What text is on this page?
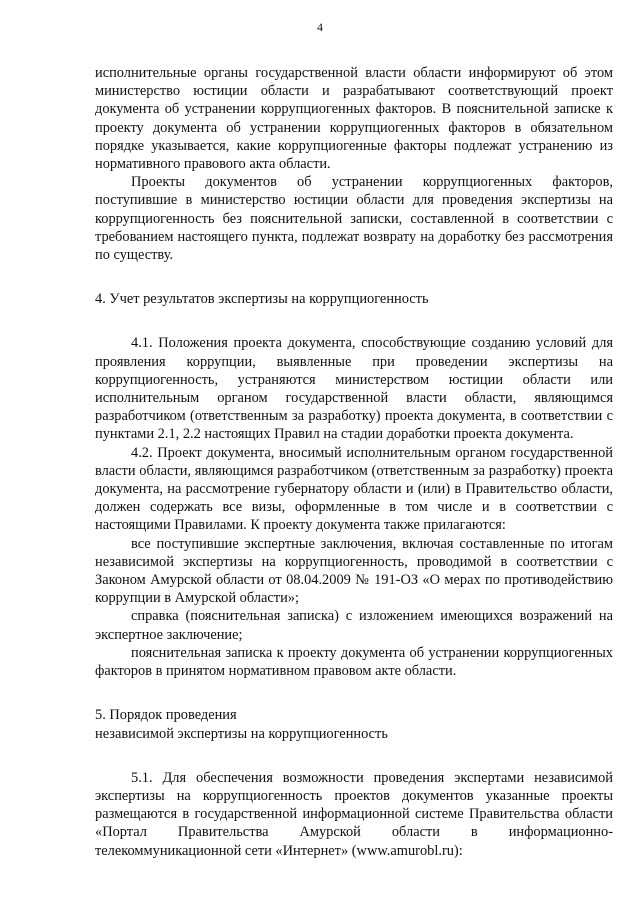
4

исполнительные органы государственной власти области информируют об этом министерство юстиции области и разрабатывают соответствующий проект документа об устранении коррупциогенных факторов. В пояснительной записке к проекту документа об устранении коррупциогенных факторов в обязательном порядке указывается, какие коррупциогенные факторы подлежат устранению из нормативного правового акта области.

Проекты документов об устранении коррупциогенных факторов, поступившие в министерство юстиции области для проведения экспертизы на коррупциогенность без пояснительной записки, составленной в соответствии с требованием настоящего пункта, подлежат возврату на доработку без рассмотрения по существу.

4. Учет результатов экспертизы на коррупциогенность

4.1. Положения проекта документа, способствующие созданию условий для проявления коррупции, выявленные при проведении экспертизы на коррупциогенность, устраняются министерством юстиции области или исполнительным органом государственной власти области, являющимся разработчиком (ответственным за разработку) проекта документа, в соответствии с пунктами 2.1, 2.2 настоящих Правил на стадии доработки проекта документа.

4.2. Проект документа, вносимый исполнительным органом государственной власти области, являющимся разработчиком (ответственным за разработку) проекта документа, на рассмотрение губернатору области и (или) в Правительство области, должен содержать все визы, оформленные в том числе и в соответствии с настоящими Правилами. К проекту документа также прилагаются:

все поступившие экспертные заключения, включая составленные по итогам независимой экспертизы на коррупциогенность, проводимой в соответствии с Законом Амурской области от 08.04.2009 № 191-ОЗ «О мерах по противодействию коррупции в Амурской области»;

справка (пояснительная записка) с изложением имеющихся возражений на экспертное заключение;

пояснительная записка к проекту документа об устранении коррупциогенных факторов в принятом нормативном правовом акте области.

5. Порядок проведения

независимой экспертизы на коррупциогенность

5.1. Для обеспечения возможности проведения экспертами независимой экспертизы на коррупциогенность проектов документов указанные проекты размещаются в государственной информационной системе Правительства области «Портал Правительства Амурской области в информационно-телекоммуникационной сети «Интернет» (www.amurobl.ru):
